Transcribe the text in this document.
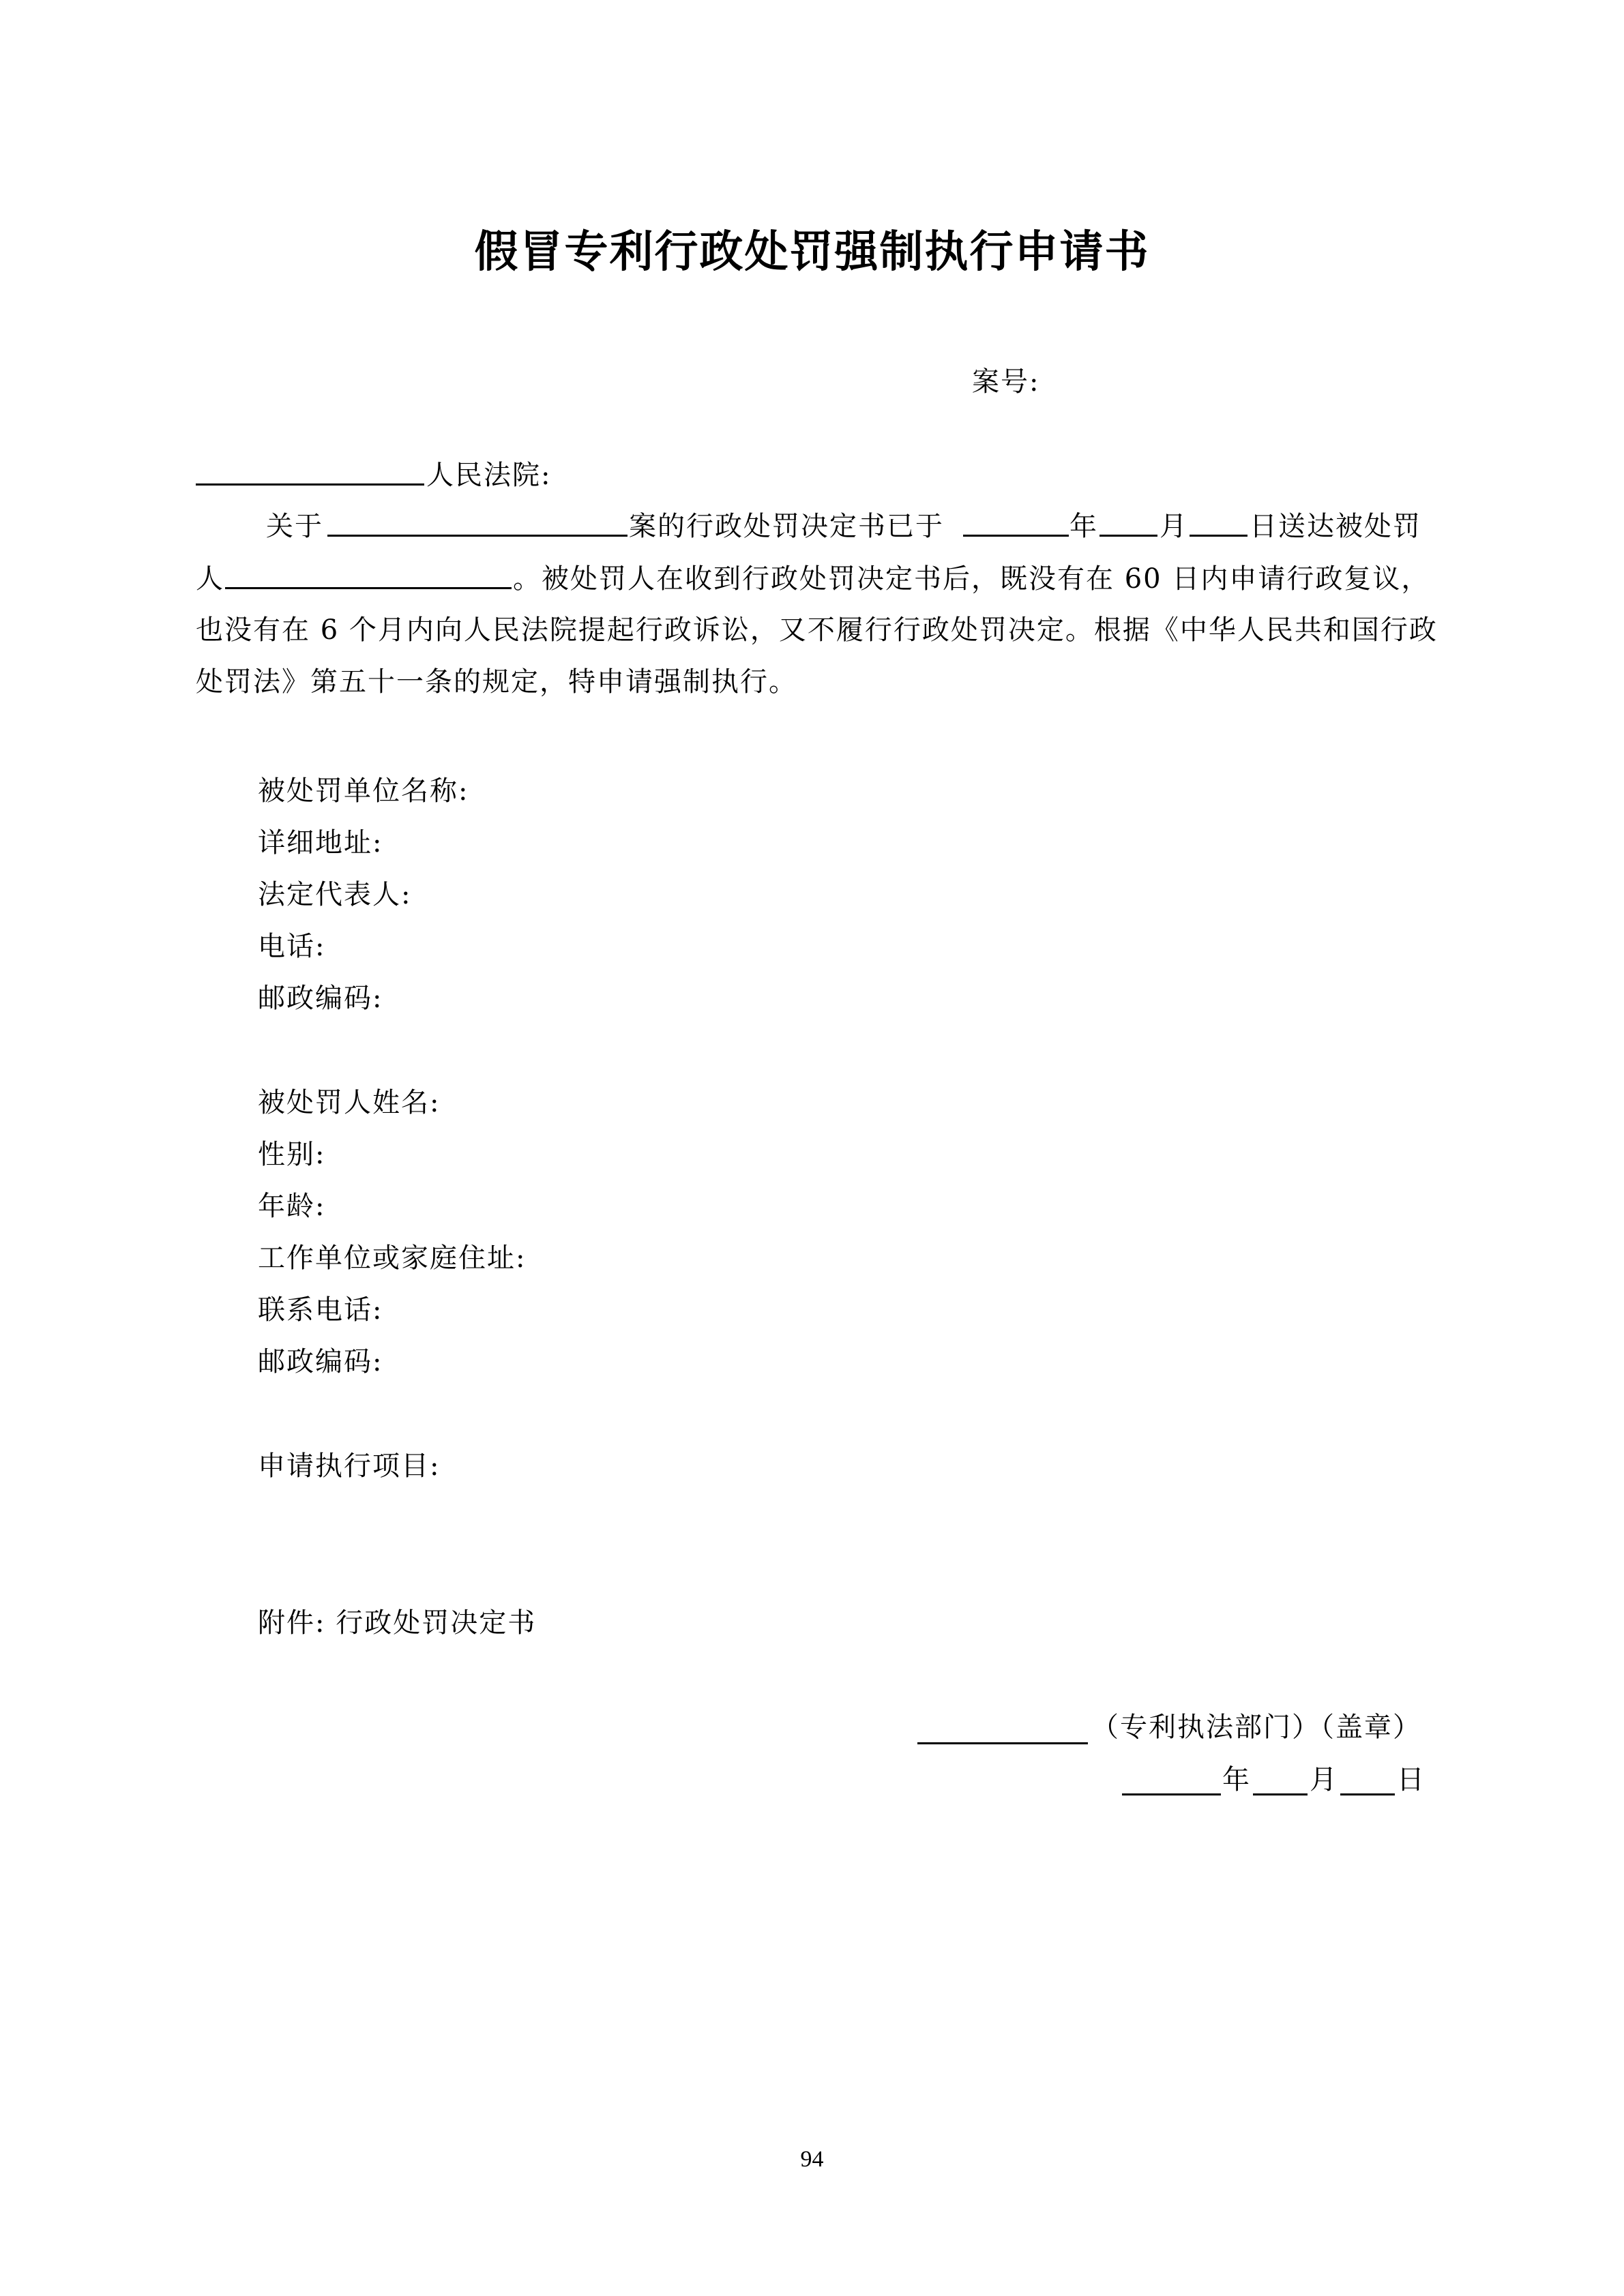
假冒专利行政处罚强制执行申请书
案号:
人民法院:
关于	案的行政处罚决定书已于	年 月 日送达被处罚
人	。被处罚人在收到行政处罚决定书后，既没有在 60 日内申请行政复议，
也没有在 6 个月内向人民法院提起行政诉讼，又不履行行政处罚决定。根据《中华人民共和国行政
处罚法》第五十一条的规定，特申请强制执行。
被处罚单位名称:
详细地址:
法定代表人:
电话:
邮政编码:
被处罚人姓名:
性别:
年龄:
工作单位或家庭住址:
联系电话:
邮政编码:
申请执行项目:
附件: 行政处罚决定书
（专利执法部门）（盖章）
年 月 日
94
